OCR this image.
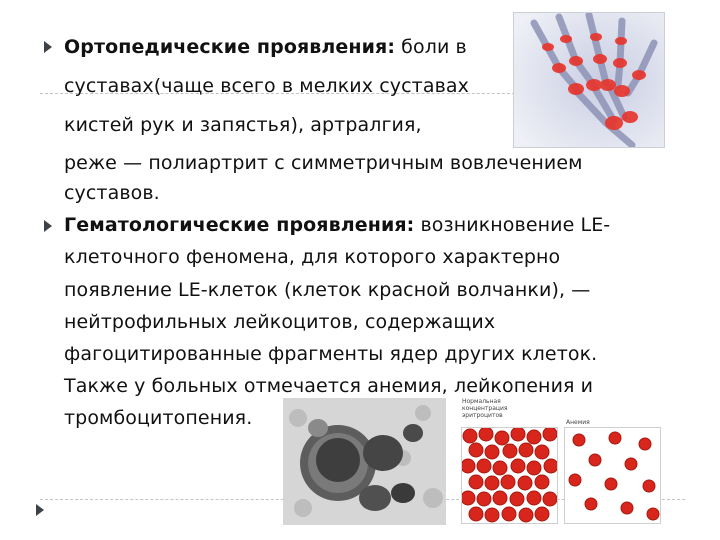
Ортопедические проявления: боли в
суставах(чаще всего в мелких суставах
кистей рук и запястья), артралгия,
реже — полиартрит с симметричным вовлечением
суставов.
Гематологические проявления: возникновение LE-
клеточного феномена, для которого характерно
появление LE-клеток (клеток красной волчанки), —
нейтрофильных лейкоцитов, содержащих
фагоцитированные фрагменты ядер других клеток.
Также у больных отмечается анемия, лейкопения и
тромбоцитопения.
Нормальная концентрация эритроцитов
Анемия
